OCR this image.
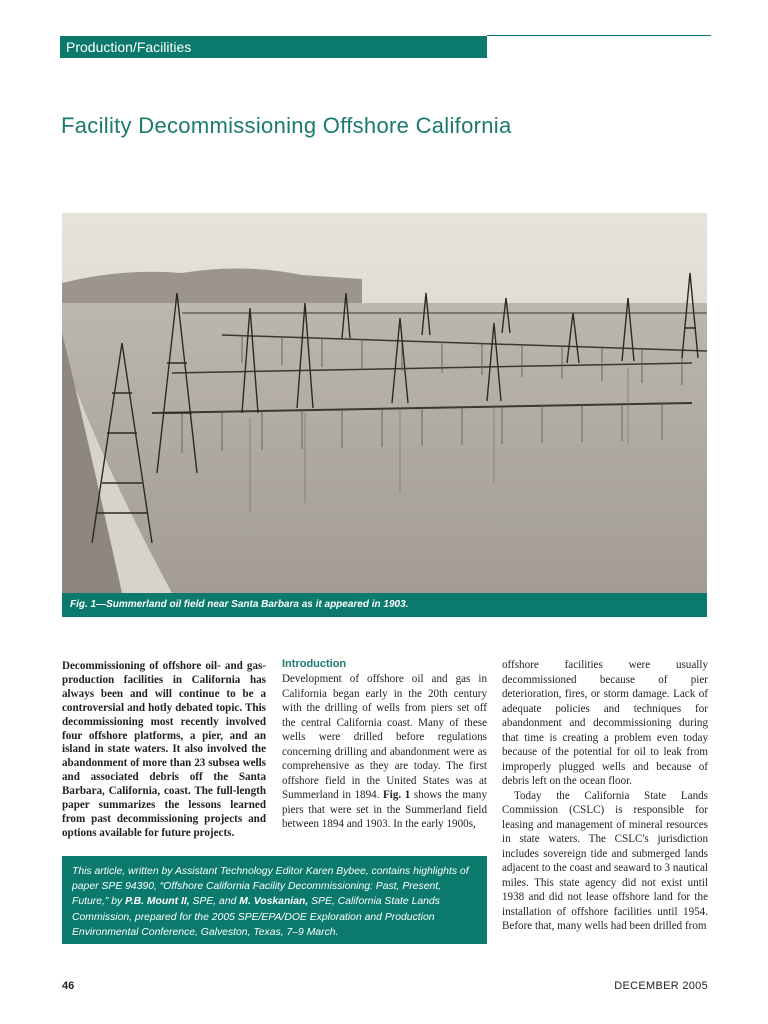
Production/Facilities
Facility Decommissioning Offshore California
Fig. 1—Summerland oil field near Santa Barbara as it appeared in 1903.

Decommissioning of offshore oil- and gas-production facilities in California has always been and will continue to be a controversial and hotly debated topic. This decommissioning most recently involved four offshore platforms, a pier, and an island in state waters. It also involved the abandonment of more than 23 subsea wells and associated debris off the Santa Barbara, California, coast. The full-length paper summarizes the lessons learned from past decommissioning projects and options available for future projects.

Introduction

Development of offshore oil and gas in California began early in the 20th century with the drilling of wells from piers set off the central California coast. Many of these wells were drilled before regulations concerning drilling and abandonment were as comprehensive as they are today. The first offshore field in the United States was at Summerland in 1894. Fig. 1 shows the many piers that were set in the Summerland field between 1894 and 1903. In the early 1900s,

offshore facilities were usually decommissioned because of pier deterioration, fires, or storm damage. Lack of adequate policies and techniques for abandonment and decommissioning during that time is creating a problem even today because of the potential for oil to leak from improperly plugged wells and because of debris left on the ocean floor.

Today the California State Lands Commission (CSLC) is responsible for leasing and management of mineral resources in state waters. The CSLC's jurisdiction includes sovereign tide and submerged lands adjacent to the coast and seaward to 3 nautical miles. This state agency did not exist until 1938 and did not lease offshore land for the installation of offshore facilities until 1954. Before that, many wells had been drilled from

This article, written by Assistant Technology Editor Karen Bybee, contains highlights of paper SPE 94390, “Offshore California Facility Decommissioning: Past, Present, Future,” by P.B. Mount II, SPE, and M. Voskanian, SPE, California State Lands Commission, prepared for the 2005 SPE/EPA/DOE Exploration and Production Environmental Conference, Galveston, Texas, 7–9 March.

46	DECEMBER 2005
